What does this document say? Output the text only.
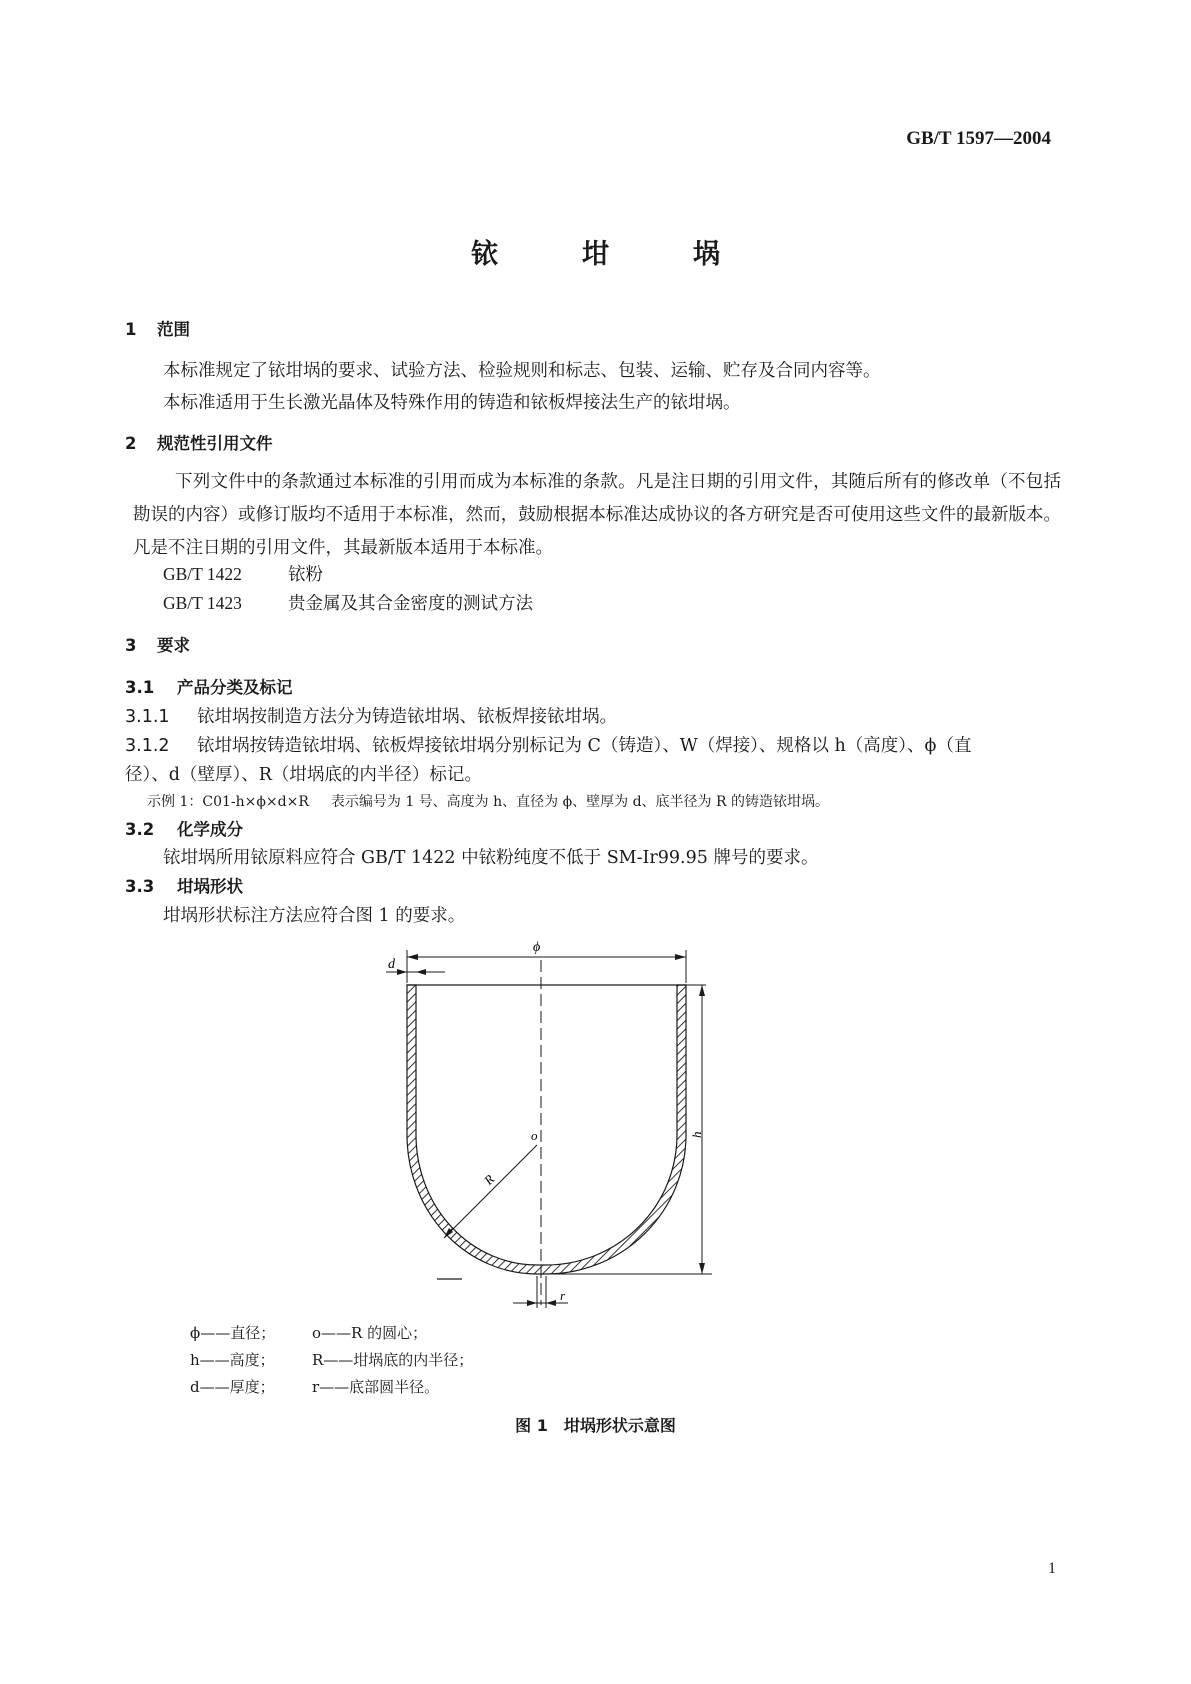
GB/T 1597—2004
铱坩埚
1 范围
本标准规定了铱坩埚的要求、试验方法、检验规则和标志、包装、运输、贮存及合同内容等。
本标准适用于生长激光晶体及特殊作用的铸造和铱板焊接法生产的铱坩埚。
2 规范性引用文件
下列文件中的条款通过本标准的引用而成为本标准的条款。凡是注日期的引用文件，其随后所有的修改单（不包括勘误的内容）或修订版均不适用于本标准，然而，鼓励根据本标准达成协议的各方研究是否可使用这些文件的最新版本。凡是不注日期的引用文件，其最新版本适用于本标准。
GB/T 1422	铱粉
GB/T 1423	贵金属及其合金密度的测试方法
3 要求
3.1 产品分类及标记
3.1.1 铱坩埚按制造方法分为铸造铱坩埚、铱板焊接铱坩埚。
3.1.2 铱坩埚按铸造铱坩埚、铱板焊接铱坩埚分别标记为 C（铸造）、W（焊接）、规格以 h（高度）、ϕ（直
径）、d（壁厚）、R（坩埚底的内半径）标记。
示例 1：C01-h×ϕ×d×R 表示编号为 1 号、高度为 h、直径为 ϕ、壁厚为 d、底半径为 R 的铸造铱坩埚。
3.2 化学成分
铱坩埚所用铱原料应符合 GB/T 1422 中铱粉纯度不低于 SM-Ir99.95 牌号的要求。
3.3 坩埚形状
坩埚形状标注方法应符合图 1 的要求。
ϕ
d
o
R
h
r
ϕ——直径； o——R 的圆心；
h——高度； R——坩埚底的内半径；
d——厚度； r——底部圆半径。
图 1　坩埚形状示意图
1
